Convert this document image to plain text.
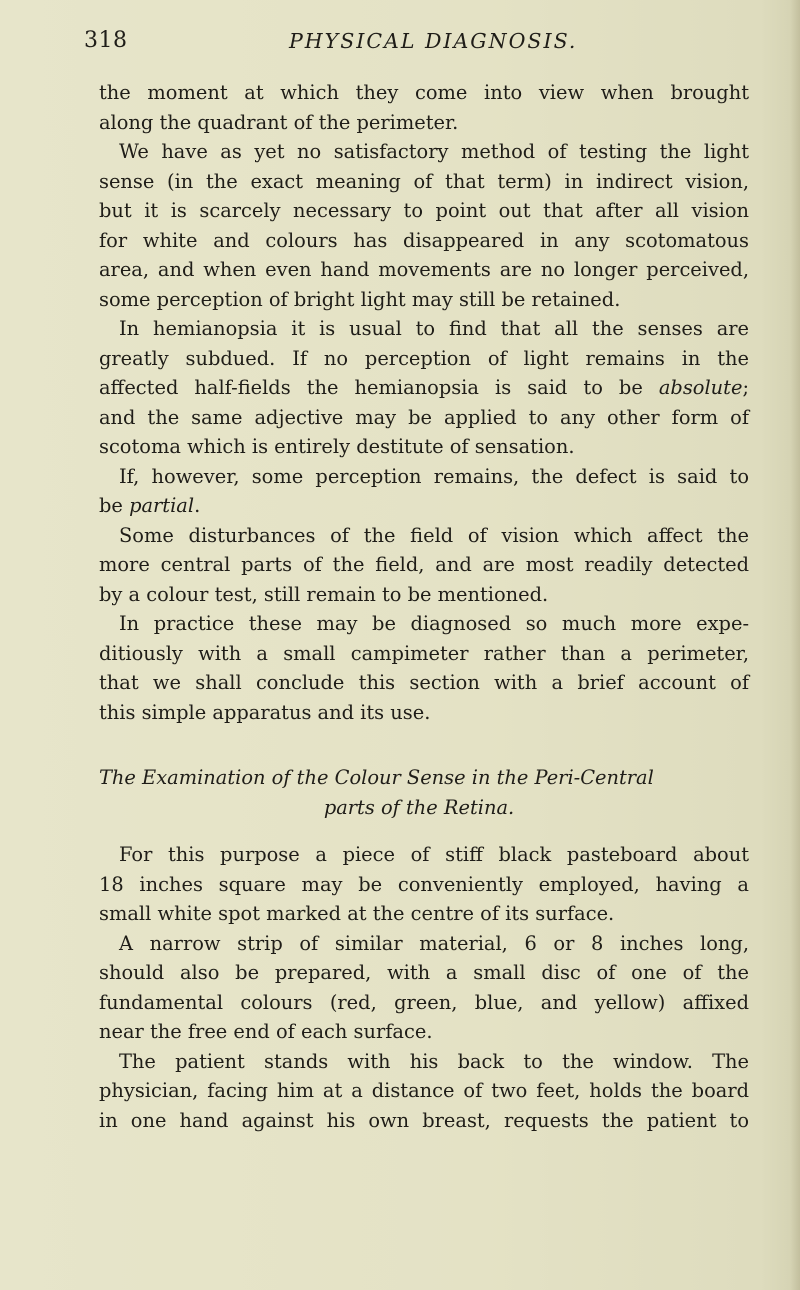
318	PHYSICAL DIAGNOSIS.
the moment at which they come into view when brought
along the quadrant of the perimeter.
We have as yet no satisfactory method of testing the light
sense (in the exact meaning of that term) in indirect vision,
but it is scarcely necessary to point out that after all vision
for white and colours has disappeared in any scotomatous
area, and when even hand movements are no longer perceived,
some perception of bright light may still be retained.
In hemianopsia it is usual to find that all the senses are
greatly subdued. If no perception of light remains in the
affected half-fields the hemianopsia is said to be absolute;
and the same adjective may be applied to any other form of
scotoma which is entirely destitute of sensation.
If, however, some perception remains, the defect is said to
be partial.
Some disturbances of the field of vision which affect the
more central parts of the field, and are most readily detected
by a colour test, still remain to be mentioned.
In practice these may be diagnosed so much more expe-
ditiously with a small campimeter rather than a perimeter,
that we shall conclude this section with a brief account of
this simple apparatus and its use.
The Examination of the Colour Sense in the Peri-Central
parts of the Retina.
For this purpose a piece of stiff black pasteboard about
18 inches square may be conveniently employed, having a
small white spot marked at the centre of its surface.
A narrow strip of similar material, 6 or 8 inches long,
should also be prepared, with a small disc of one of the
fundamental colours (red, green, blue, and yellow) affixed
near the free end of each surface.
The patient stands with his back to the window. The
physician, facing him at a distance of two feet, holds the board
in one hand against his own breast, requests the patient to
